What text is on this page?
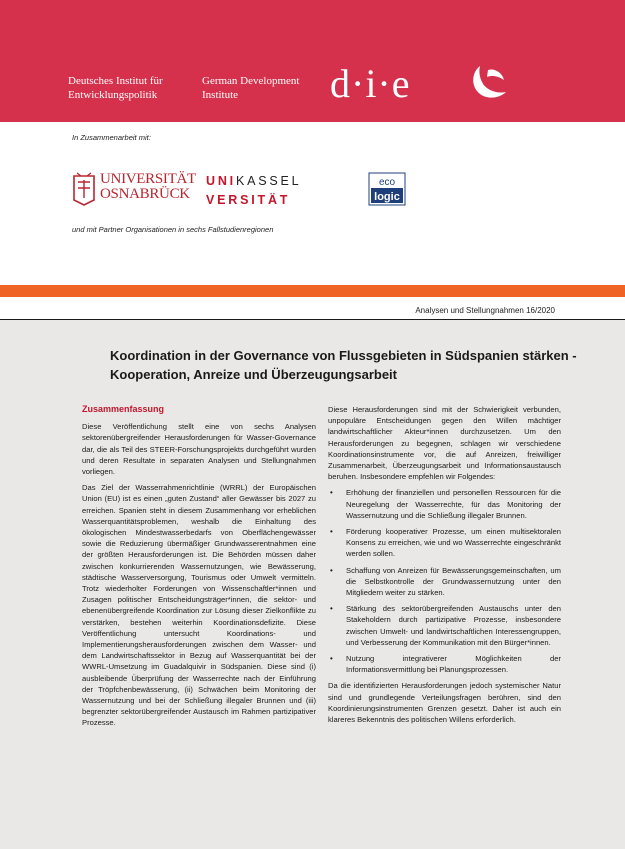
Deutsches Institut für
Entwicklungspolitik
German Development
Institute	d·i·e
In Zusammenarbeit mit:
UNIVERSITÄT
OSNABRÜCK
UNIKASSEL
VERSITÄT
eco
logic
und mit Partner Organisationen in sechs Fallstudienregionen
Analysen und Stellungnahmen 16/2020
Koordination in der Governance von Flussgebieten in Südspanien stärken -
Kooperation, Anreize und Überzeugungsarbeit
Zusammenfassung

Diese Veröffentlichung stellt eine von sechs Analysen sektorenübergreifender Herausforderungen für Wasser-Governance dar, die als Teil des STEER-Forschungsprojekts durchgeführt wurden und deren Resultate in separaten Analysen und Stellungnahmen vorliegen.

Das Ziel der Wasserrahmenrichtlinie (WRRL) der Europäischen Union (EU) ist es einen „guten Zustand“ aller Gewässer bis 2027 zu erreichen. Spanien steht in diesem Zusammenhang vor erheblichen Wasserquantitätsproblemen, weshalb die Einhaltung des ökologischen Mindestwasserbedarfs von Oberflächengewässer sowie die Reduzierung übermäßiger Grundwasserentnahmen eine der größten Herausforderungen ist. Die Behörden müssen daher zwischen konkurrierenden Wassernutzungen, wie Bewässerung, städtische Wasserversorgung, Tourismus oder Umwelt vermitteln. Trotz wiederholter Forderungen von Wissenschaftler*innen und Zusagen politischer Entscheidungsträger*innen, die sektor- und ebenenübergreifende Koordination zur Lösung dieser Zielkonflikte zu verstärken, bestehen weiterhin Koordinationsdefizite. Diese Veröffentlichung untersucht Koordinations- und Implementierungsherausforderungen zwischen dem Wasser- und dem Landwirtschaftssektor in Bezug auf Wasserquantität bei der WWRL-Umsetzung im Guadalquivir in Südspanien. Diese sind (i) ausbleibende Überprüfung der Wasserrechte nach der Einführung der Tröpfchenbewässerung, (ii) Schwächen beim Monitoring der Wassernutzung und bei der Schließung illegaler Brunnen und (iii) begrenzter sektorübergreifender Austausch im Rahmen partizipativer Prozesse.

Diese Herausforderungen sind mit der Schwierigkeit verbunden, unpopuläre Entscheidungen gegen den Willen mächtiger landwirtschaftlicher Akteur*innen durchzusetzen. Um den Herausforderungen zu begegnen, schlagen wir verschiedene Koordinationsinstrumente vor, die auf Anreizen, freiwilliger Zusammenarbeit, Überzeugungsarbeit und Informationsaustausch beruhen. Insbesondere empfehlen wir Folgendes:

• Erhöhung der finanziellen und personellen Ressourcen für die Neuregelung der Wasserrechte, für das Monitoring der Wassernutzung und die Schließung illegaler Brunnen.
• Förderung kooperativer Prozesse, um einen multisektoralen Konsens zu erreichen, wie und wo Wasserrechte eingeschränkt werden sollen.
• Schaffung von Anreizen für Bewässerungsgemeinschaften, um die Selbstkontrolle der Grundwassernutzung unter den Mitgliedern weiter zu stärken.
• Stärkung des sektorübergreifenden Austauschs unter den Stakeholdern durch partizipative Prozesse, insbesondere zwischen Umwelt- und landwirtschaftlichen Interessengruppen, und Verbesserung der Kommunikation mit den Bürger*innen.
• Nutzung integrativerer Möglichkeiten der Informationsvermittlung bei Planungsprozessen.

Da die identifizierten Herausforderungen jedoch systemischer Natur sind und grundlegende Verteilungsfragen berühren, sind den Koordinierungsinstrumenten Grenzen gesetzt. Daher ist auch ein klareres Bekenntnis des politischen Willens erforderlich.
